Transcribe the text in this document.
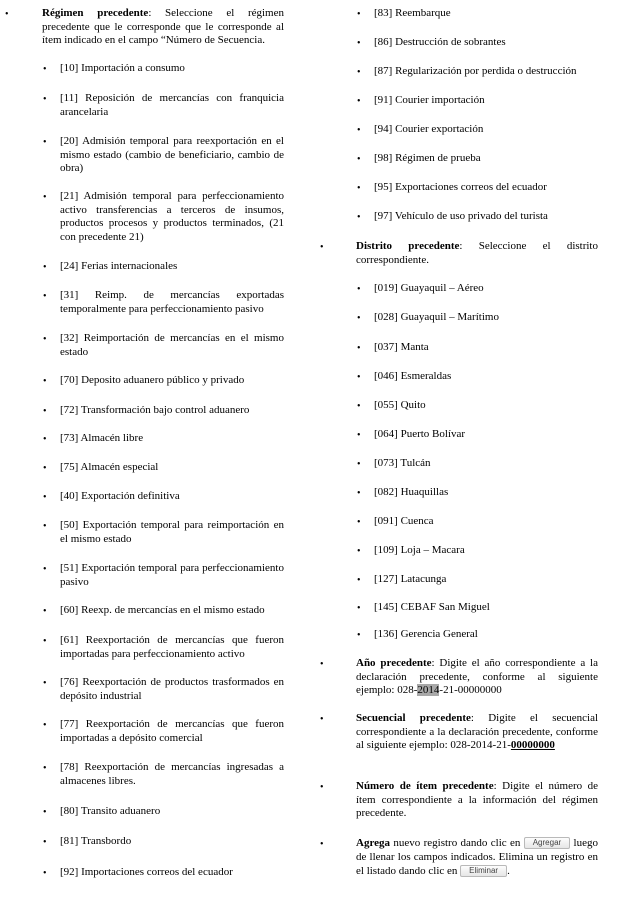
•	Régimen precedente: Seleccione el régimen precedente que le corresponde que le corresponde al ítem indicado en el campo “Número de Secuencia.
• [10] Importación a consumo
• [11] Reposición de mercancías con franquicia arancelaria
• [20] Admisión temporal para reexportación en el mismo estado (cambio de beneficiario, cambio de obra)
• [21] Admisión temporal para perfeccionamiento activo transferencias a terceros de insumos, productos procesos y productos terminados, (21 con precedente 21)
• [24] Ferias internacionales
• [31] Reimp. de mercancías exportadas temporalmente para perfeccionamiento pasivo
• [32] Reimportación de mercancías en el mismo estado
• [70] Deposito aduanero público y privado
• [72] Transformación bajo control aduanero
• [73] Almacén libre
• [75] Almacén especial
• [40] Exportación definitiva
• [50] Exportación temporal para reimportación en el mismo estado
• [51] Exportación temporal para perfeccionamiento pasivo
• [60] Reexp. de mercancías en el mismo estado
• [61] Reexportación de mercancías que fueron importadas para perfeccionamiento activo
• [76] Reexportación de productos trasformados en depósito industrial
• [77] Reexportación de mercancías que fueron importadas a depósito comercial
• [78] Reexportación de mercancías ingresadas a almacenes libres.
• [80] Transito aduanero
• [81] Transbordo
• [92] Importaciones correos del ecuador
• [83] Reembarque
• [86] Destrucción de sobrantes
• [87] Regularización por perdida o destrucción
• [91] Courier importación
• [94] Courier exportación
• [98] Régimen de prueba
• [95] Exportaciones correos del ecuador
• [97] Vehículo de uso privado del turista
•	Distrito precedente: Seleccione el distrito correspondiente.
• [019] Guayaquil – Aéreo
• [028] Guayaquil – Marítimo
• [037] Manta
• [046] Esmeraldas
• [055] Quito
• [064] Puerto Bolívar
• [073] Tulcán
• [082] Huaquillas
• [091] Cuenca
• [109] Loja – Macara
• [127] Latacunga
• [145] CEBAF San Miguel
• [136] Gerencia General
•	Año precedente: Digite el año correspondiente a la declaración precedente, conforme al siguiente ejemplo: 028-2014-21-00000000
•	Secuencial precedente: Digite el secuencial correspondiente a la declaración precedente, conforme al siguiente ejemplo: 028-2014-21-00000000
•	Número de ítem precedente: Digite el número de ítem correspondiente a la información del régimen precedente.
•	Agrega nuevo registro dando clic en Agregar luego de llenar los campos indicados. Elimina un registro en el listado dando clic en Eliminar .
